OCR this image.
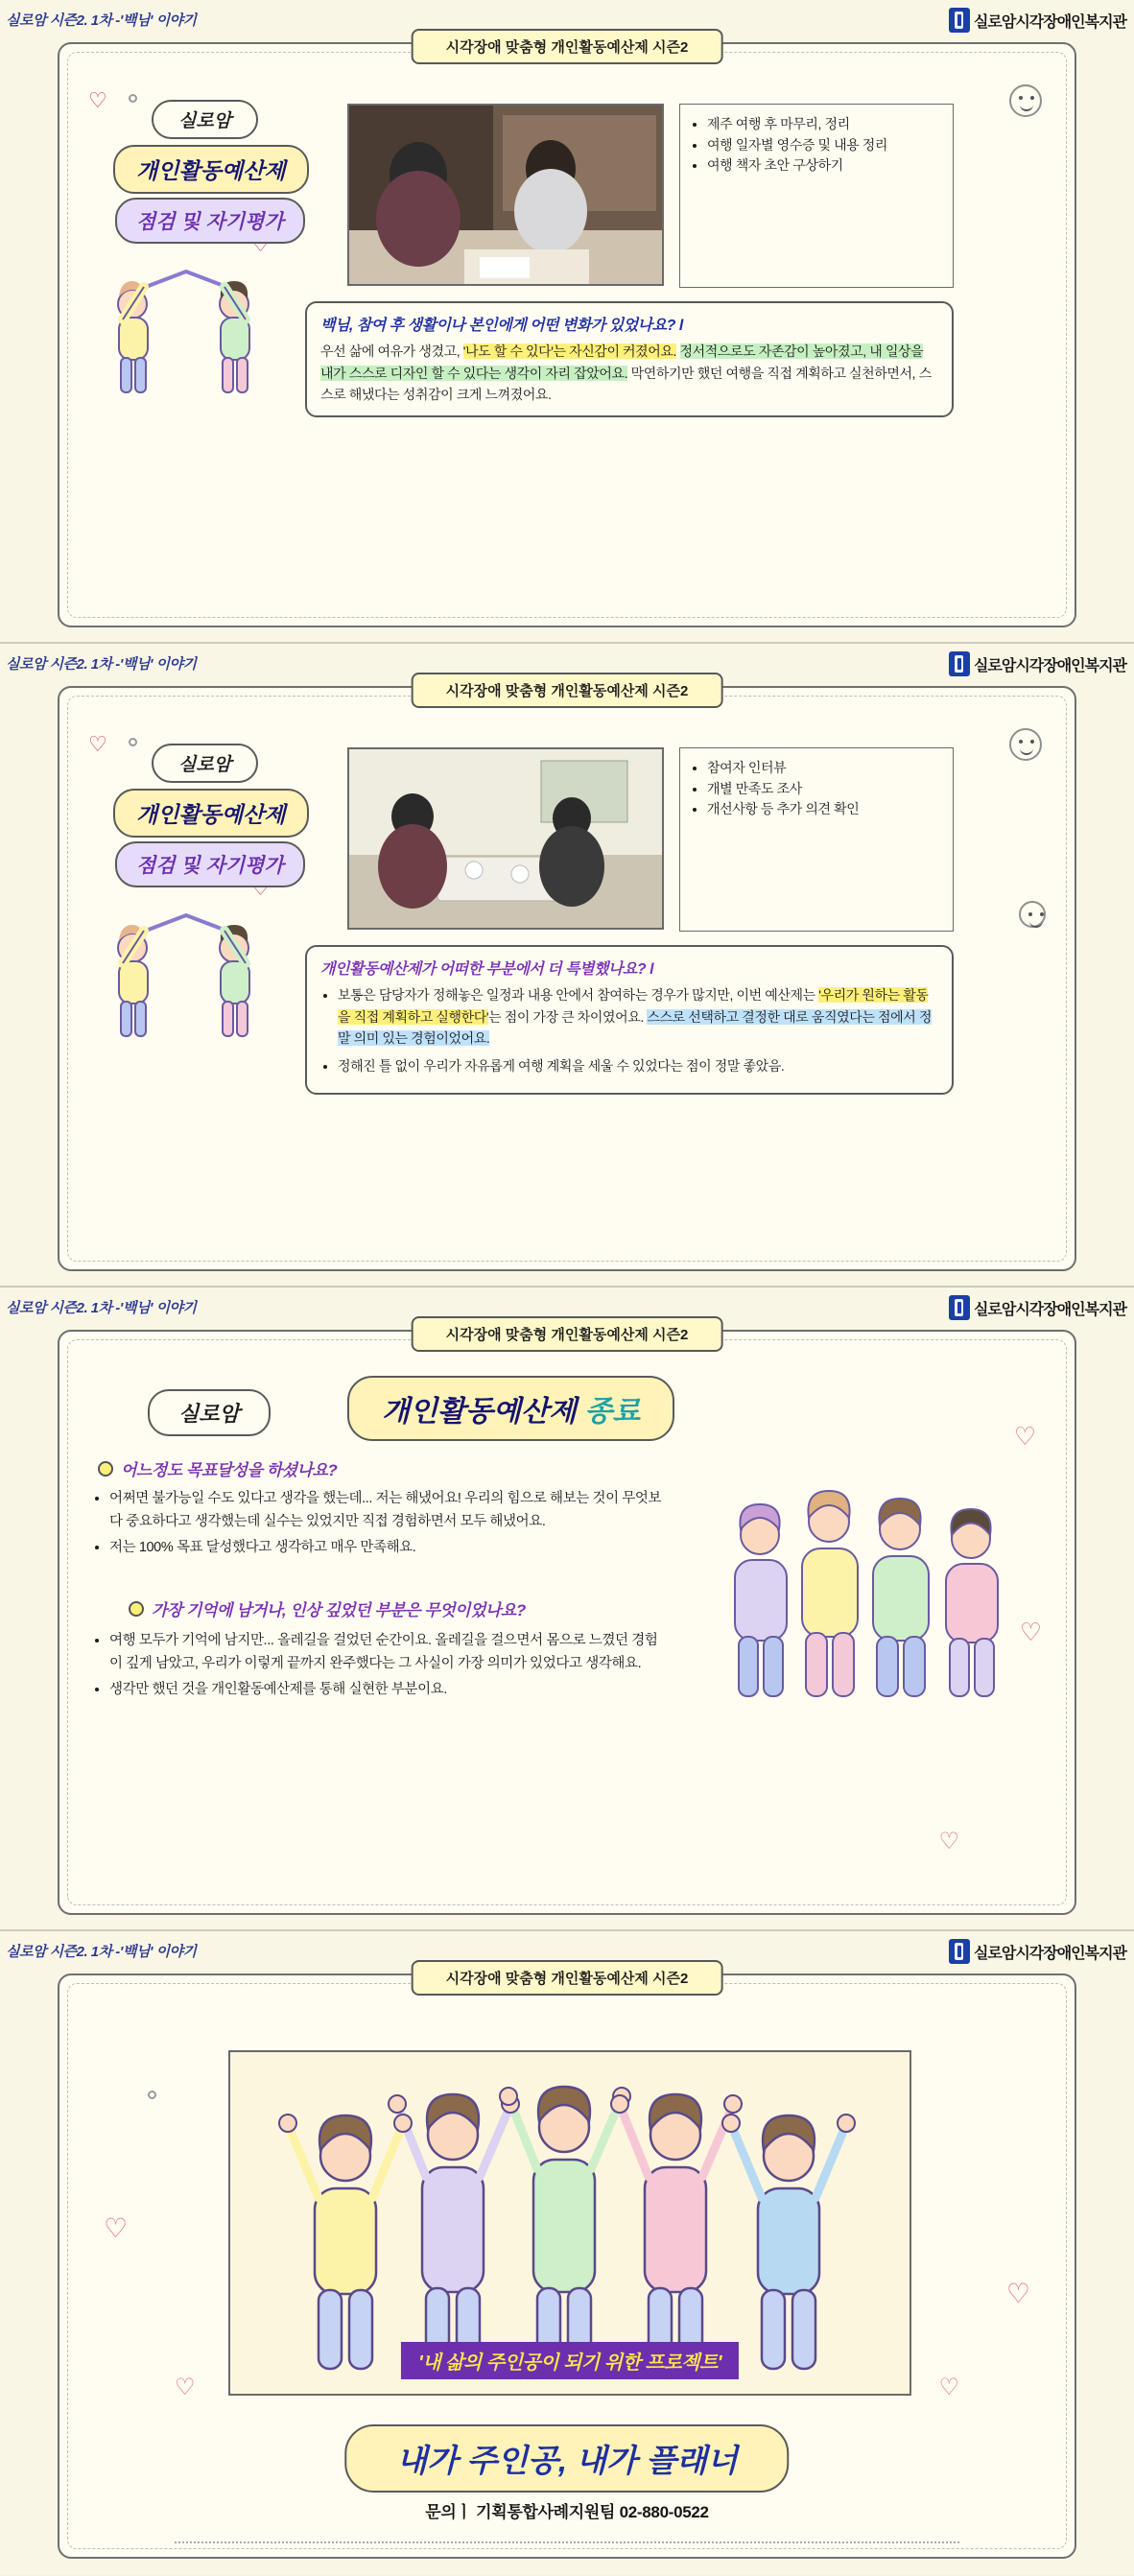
실로암 시즌2. 1차 -'백님' 이야기	실로암시각장애인복지관
시각장애 맞춤형 개인활동예산제 시즌2
♡
실로암
개인활동예산제
점검 및 자기평가
• 제주 여행 후 마무리, 정리
• 여행 일자별 영수증 및 내용 정리
• 여행 책자 초안 구상하기
백님, 참여 후 생활이나 본인에게 어떤 변화가 있었나요? l

우선 삶에 여유가 생겼고, '나도 할 수 있다'는 자신감이 커졌어요. 정서적으로도 자존감이 높아졌고, 내 일상을 내가 스스로 디자인 할 수 있다는 생각이 자리 잡았어요. 막연하기만 했던 여행을 직접 계획하고 실천하면서, 스스로 해냈다는 성취감이 크게 느껴졌어요.

실로암 시즌2. 1차 -'백님' 이야기	실로암시각장애인복지관
시각장애 맞춤형 개인활동예산제 시즌2
♡
실로암
개인활동예산제
점검 및 자기평가
• 참여자 인터뷰
• 개별 만족도 조사
• 개선사항 등 추가 의견 확인
개인활동예산제가 어떠한 부분에서 더 특별했나요? l
• 보통은 담당자가 정해놓은 일정과 내용 안에서 참여하는 경우가 많지만, 이번 예산제는 '우리가 원하는 활동을 직접 계획하고 실행한다'는 점이 가장 큰 차이였어요. 스스로 선택하고 결정한 대로 움직였다는 점에서 정말 의미 있는 경험이었어요.
• 정해진 틀 없이 우리가 자유롭게 여행 계획을 세울 수 있었다는 점이 정말 좋았음.
실로암 시즌2. 1차 -'백님' 이야기	실로암시각장애인복지관
시각장애 맞춤형 개인활동예산제 시즌2
♡
♡
♡
실로암	개인활동예산제 종료
어느정도 목표달성을 하셨나요?
• 어쩌면 불가능일 수도 있다고 생각을 했는데... 저는 해냈어요! 우리의 힘으로 해보는 것이 무엇보다 중요하다고 생각했는데 실수는 있었지만 직접 경험하면서 모두 해냈어요.
• 저는 100% 목표 달성했다고 생각하고 매우 만족해요.
가장 기억에 남거나, 인상 깊었던 부분은 무엇이었나요?
• 여행 모두가 기억에 남지만... 올레길을 걸었던 순간이요. 올레길을 걸으면서 몸으로 느꼈던 경험이 깊게 남았고, 우리가 이렇게 끝까지 완주했다는 그 사실이 가장 의미가 있었다고 생각해요.
• 생각만 했던 것을 개인활동예산제를 통해 실현한 부분이요.
실로암 시즌2. 1차 -'백님' 이야기	실로암시각장애인복지관
시각장애 맞춤형 개인활동예산제 시즌2
♡
♡
♡
♡
'내 삶의 주인공이 되기 위한 프로젝트'
내가 주인공, 내가 플래너
문의ㅣ 기획통합사례지원팀 02-880-0522
